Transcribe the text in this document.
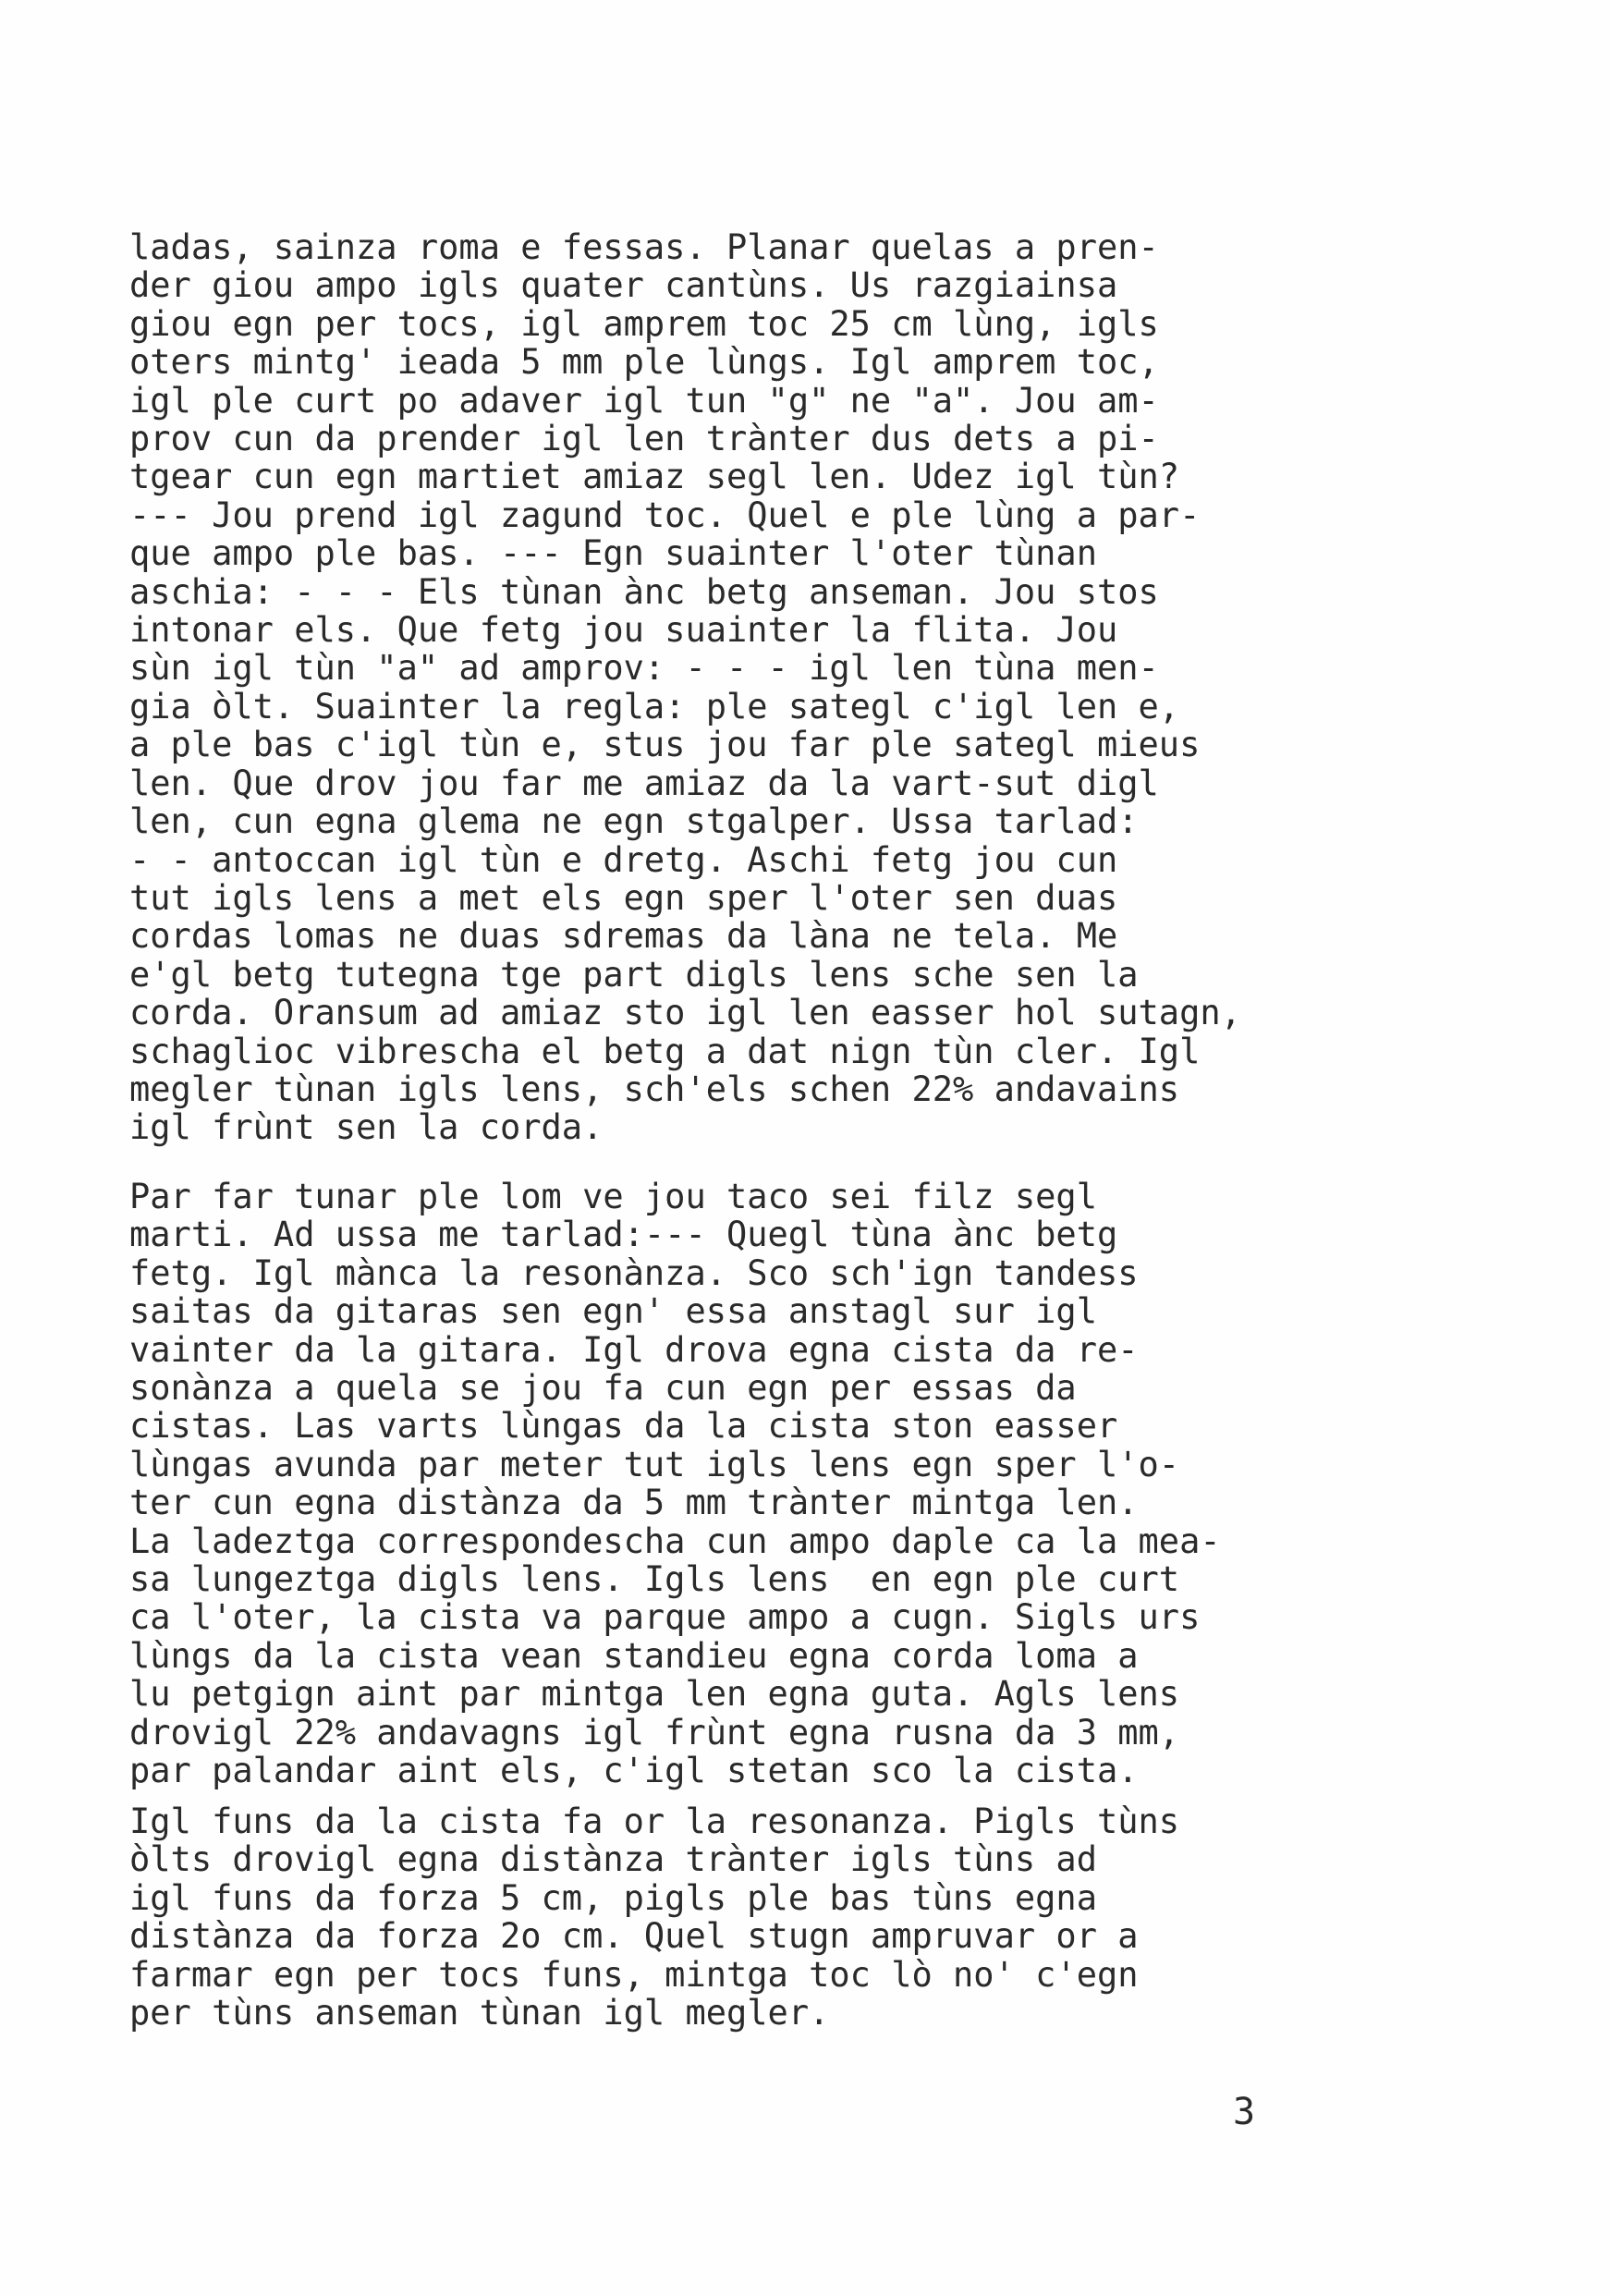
ladas, sainza roma e fessas. Planar quelas a pren-
der giou ampo igls quater cantùns. Us razgiainsa
giou egn per tocs, igl amprem toc 25 cm lùng, igls
oters mintg' ieada 5 mm ple lùngs. Igl amprem toc,
igl ple curt po adaver igl tun "g" ne "a". Jou am-
prov cun da prender igl len trànter dus dets a pi-
tgear cun egn martiet amiaz segl len. Udez igl tùn?
--- Jou prend igl zagund toc. Quel e ple lùng a par-
que ampo ple bas. --- Egn suainter l'oter tùnan
aschia: - - - Els tùnan ànc betg anseman. Jou stos
intonar els. Que fetg jou suainter la flita. Jou
sùn igl tùn "a" ad amprov: - - - igl len tùna men-
gia òlt. Suainter la regla: ple sategl c'igl len e,
a ple bas c'igl tùn e, stus jou far ple sategl mieus
len. Que drov jou far me amiaz da la vart-sut digl
len, cun egna glema ne egn stgalper. Ussa tarlad:
- - antoccan igl tùn e dretg. Aschi fetg jou cun
tut igls lens a met els egn sper l'oter sen duas
cordas lomas ne duas sdremas da làna ne tela. Me
e'gl betg tutegna tge part digls lens sche sen la
corda. Oransum ad amiaz sto igl len easser hol sutagn,
schaglioc vibrescha el betg a dat nign tùn cler. Igl
megler tùnan igls lens, sch'els schen 22% andavains
igl frùnt sen la corda.

Par far tunar ple lom ve jou taco sei filz segl
marti. Ad ussa me tarlad:--- Quegl tùna ànc betg
fetg. Igl mànca la resonànza. Sco sch'ign tandess
saitas da gitaras sen egn' essa anstagl sur igl
vainter da la gitara. Igl drova egna cista da re-
sonànza a quela se jou fa cun egn per essas da
cistas. Las varts lùngas da la cista ston easser
lùngas avunda par meter tut igls lens egn sper l'o-
ter cun egna distànza da 5 mm trànter mintga len.
La ladeztga correspondescha cun ampo daple ca la mea-
sa lungeztga digls lens. Igls lens  en egn ple curt
ca l'oter, la cista va parque ampo a cugn. Sigls urs
lùngs da la cista vean standieu egna corda loma a
lu petgign aint par mintga len egna guta. Agls lens
drovigl 22% andavagns igl frùnt egna rusna da 3 mm,
par palandar aint els, c'igl stetan sco la cista.

Igl funs da la cista fa or la resonanza. Pigls tùns
òlts drovigl egna distànza trànter igls tùns ad
igl funs da forza 5 cm, pigls ple bas tùns egna
distànza da forza 2o cm. Quel stugn ampruvar or a
farmar egn per tocs funs, mintga toc lò no' c'egn
per tùns anseman tùnan igl megler.

3
